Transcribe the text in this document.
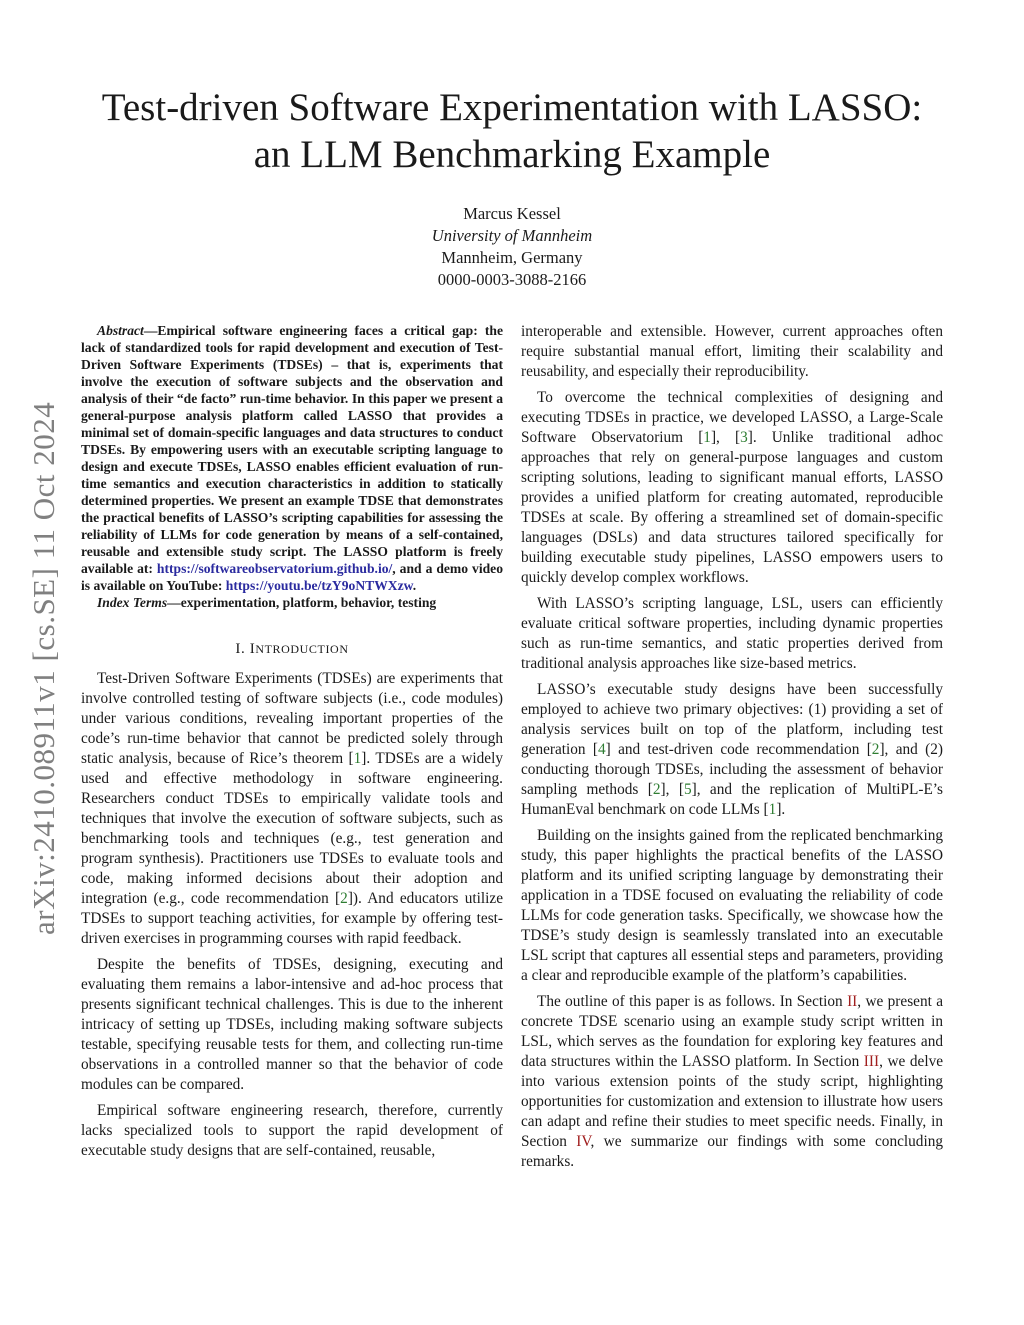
arXiv:2410.08911v1 [cs.SE] 11 Oct 2024
Test-driven Software Experimentation with LASSO:
an LLM Benchmarking Example
Marcus Kessel
University of Mannheim
Mannheim, Germany
0000-0003-3088-2166

Abstract—Empirical software engineering faces a critical gap: the lack of standardized tools for rapid development and execution of Test-Driven Software Experiments (TDSEs) – that is, experiments that involve the execution of software subjects and the observation and analysis of their “de facto” run-time behavior. In this paper we present a general-purpose analysis platform called LASSO that provides a minimal set of domain-specific languages and data structures to conduct TDSEs. By empowering users with an executable scripting language to design and execute TDSEs, LASSO enables efficient evaluation of run-time semantics and execution characteristics in addition to statically determined properties. We present an example TDSE that demonstrates the practical benefits of LASSO’s scripting capabilities for assessing the reliability of LLMs for code generation by means of a self-contained, reusable and extensible study script. The LASSO platform is freely available at: https://softwareobservatorium.github.io/, and a demo video is available on YouTube: https://youtu.be/tzY9oNTWXzw.

Index Terms—experimentation, platform, behavior, testing

I. INTRODUCTION

Test-Driven Software Experiments (TDSEs) are experiments that involve controlled testing of software subjects (i.e., code modules) under various conditions, revealing important properties of the code’s run-time behavior that cannot be predicted solely through static analysis, because of Rice’s theorem [1]. TDSEs are a widely used and effective methodology in software engineering. Researchers conduct TDSEs to empirically validate tools and techniques that involve the execution of software subjects, such as benchmarking tools and techniques (e.g., test generation and program synthesis). Practitioners use TDSEs to evaluate tools and code, making informed decisions about their adoption and integration (e.g., code recommendation [2]). And educators utilize TDSEs to support teaching activities, for example by offering test-driven exercises in programming courses with rapid feedback.

Despite the benefits of TDSEs, designing, executing and evaluating them remains a labor-intensive and ad-hoc process that presents significant technical challenges. This is due to the inherent intricacy of setting up TDSEs, including making software subjects testable, specifying reusable tests for them, and collecting run-time observations in a controlled manner so that the behavior of code modules can be compared.

Empirical software engineering research, therefore, currently lacks specialized tools to support the rapid development of executable study designs that are self-contained, reusable,

interoperable and extensible. However, current approaches often require substantial manual effort, limiting their scalability and reusability, and especially their reproducibility.

To overcome the technical complexities of designing and executing TDSEs in practice, we developed LASSO, a Large-Scale Software Observatorium [1], [3]. Unlike traditional adhoc approaches that rely on general-purpose languages and custom scripting solutions, leading to significant manual efforts, LASSO provides a unified platform for creating automated, reproducible TDSEs at scale. By offering a streamlined set of domain-specific languages (DSLs) and data structures tailored specifically for building executable study pipelines, LASSO empowers users to quickly develop complex workflows.

With LASSO’s scripting language, LSL, users can efficiently evaluate critical software properties, including dynamic properties such as run-time semantics, and static properties derived from traditional analysis approaches like size-based metrics.

LASSO’s executable study designs have been successfully employed to achieve two primary objectives: (1) providing a set of analysis services built on top of the platform, including test generation [4] and test-driven code recommendation [2], and (2) conducting thorough TDSEs, including the assessment of behavior sampling methods [2], [5], and the replication of MultiPL-E’s HumanEval benchmark on code LLMs [1].

Building on the insights gained from the replicated benchmarking study, this paper highlights the practical benefits of the LASSO platform and its unified scripting language by demonstrating their application in a TDSE focused on evaluating the reliability of code LLMs for code generation tasks. Specifically, we showcase how the TDSE’s study design is seamlessly translated into an executable LSL script that captures all essential steps and parameters, providing a clear and reproducible example of the platform’s capabilities.

The outline of this paper is as follows. In Section II, we present a concrete TDSE scenario using an example study script written in LSL, which serves as the foundation for exploring key features and data structures within the LASSO platform. In Section III, we delve into various extension points of the study script, highlighting opportunities for customization and extension to illustrate how users can adapt and refine their studies to meet specific needs. Finally, in Section IV, we summarize our findings with some concluding remarks.
